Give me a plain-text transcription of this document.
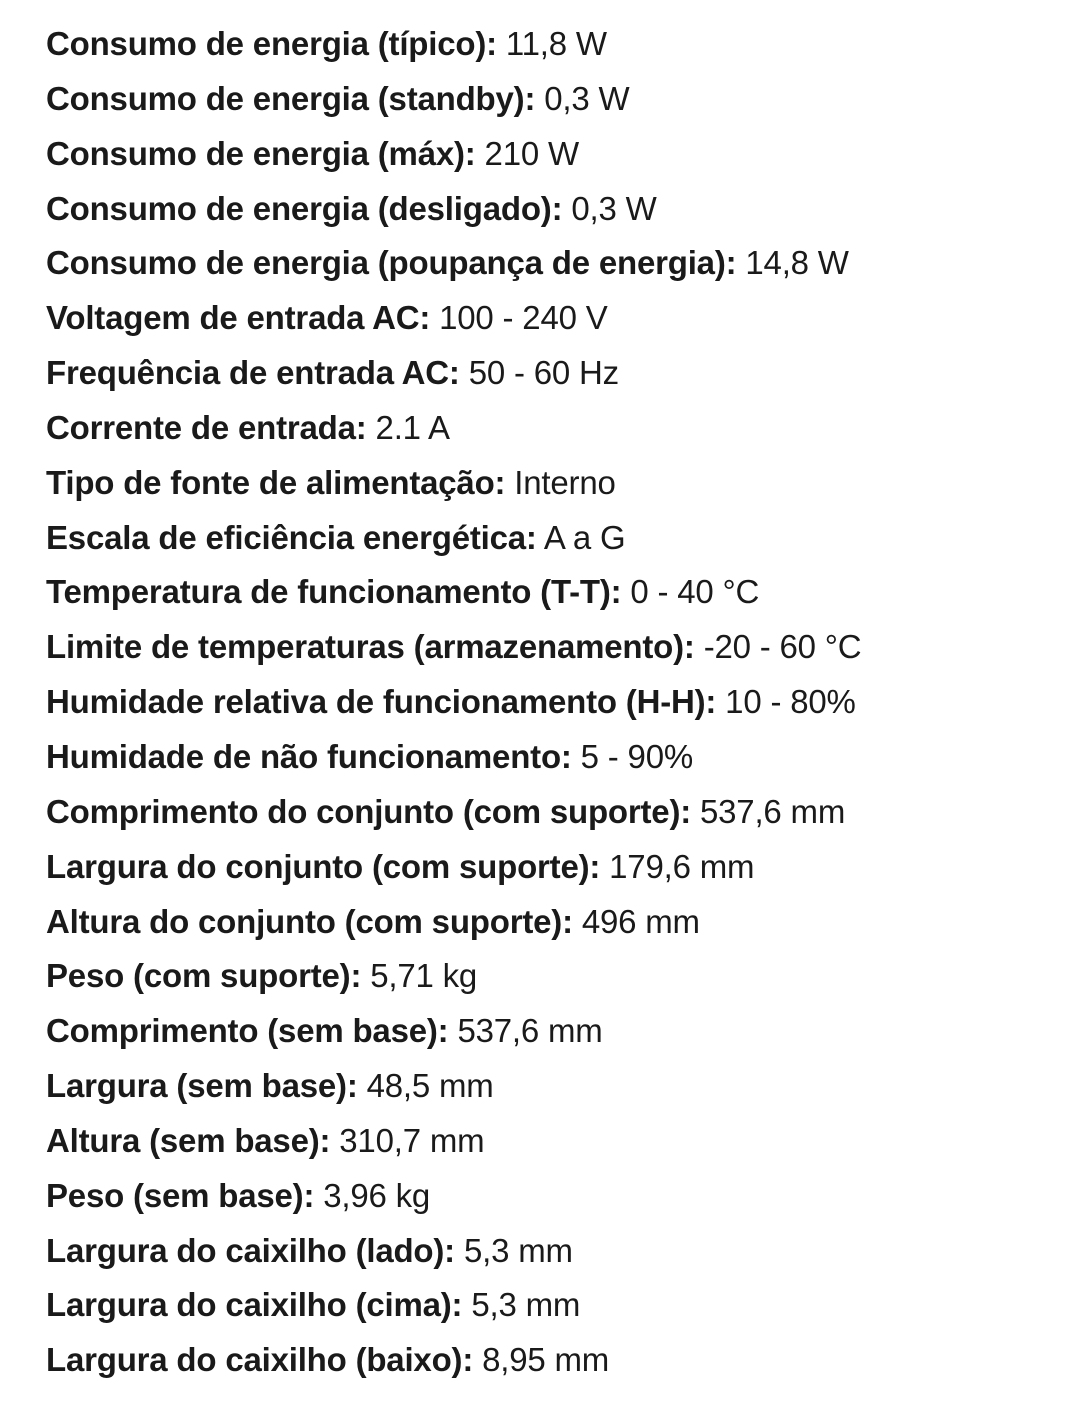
Consumo de energia (típico): 11,8 W
Consumo de energia (standby): 0,3 W
Consumo de energia (máx): 210 W
Consumo de energia (desligado): 0,3 W
Consumo de energia (poupança de energia): 14,8 W
Voltagem de entrada AC: 100 - 240 V
Frequência de entrada AC: 50 - 60 Hz
Corrente de entrada: 2.1 A
Tipo de fonte de alimentação: Interno
Escala de eficiência energética: A a G
Temperatura de funcionamento (T-T): 0 - 40 °C
Limite de temperaturas (armazenamento): -20 - 60 °C
Humidade relativa de funcionamento (H-H): 10 - 80%
Humidade de não funcionamento: 5 - 90%
Comprimento do conjunto (com suporte): 537,6 mm
Largura do conjunto (com suporte): 179,6 mm
Altura do conjunto (com suporte): 496 mm
Peso (com suporte): 5,71 kg
Comprimento (sem base): 537,6 mm
Largura (sem base): 48,5 mm
Altura (sem base): 310,7 mm
Peso (sem base): 3,96 kg
Largura do caixilho (lado): 5,3 mm
Largura do caixilho (cima): 5,3 mm
Largura do caixilho (baixo): 8,95 mm
